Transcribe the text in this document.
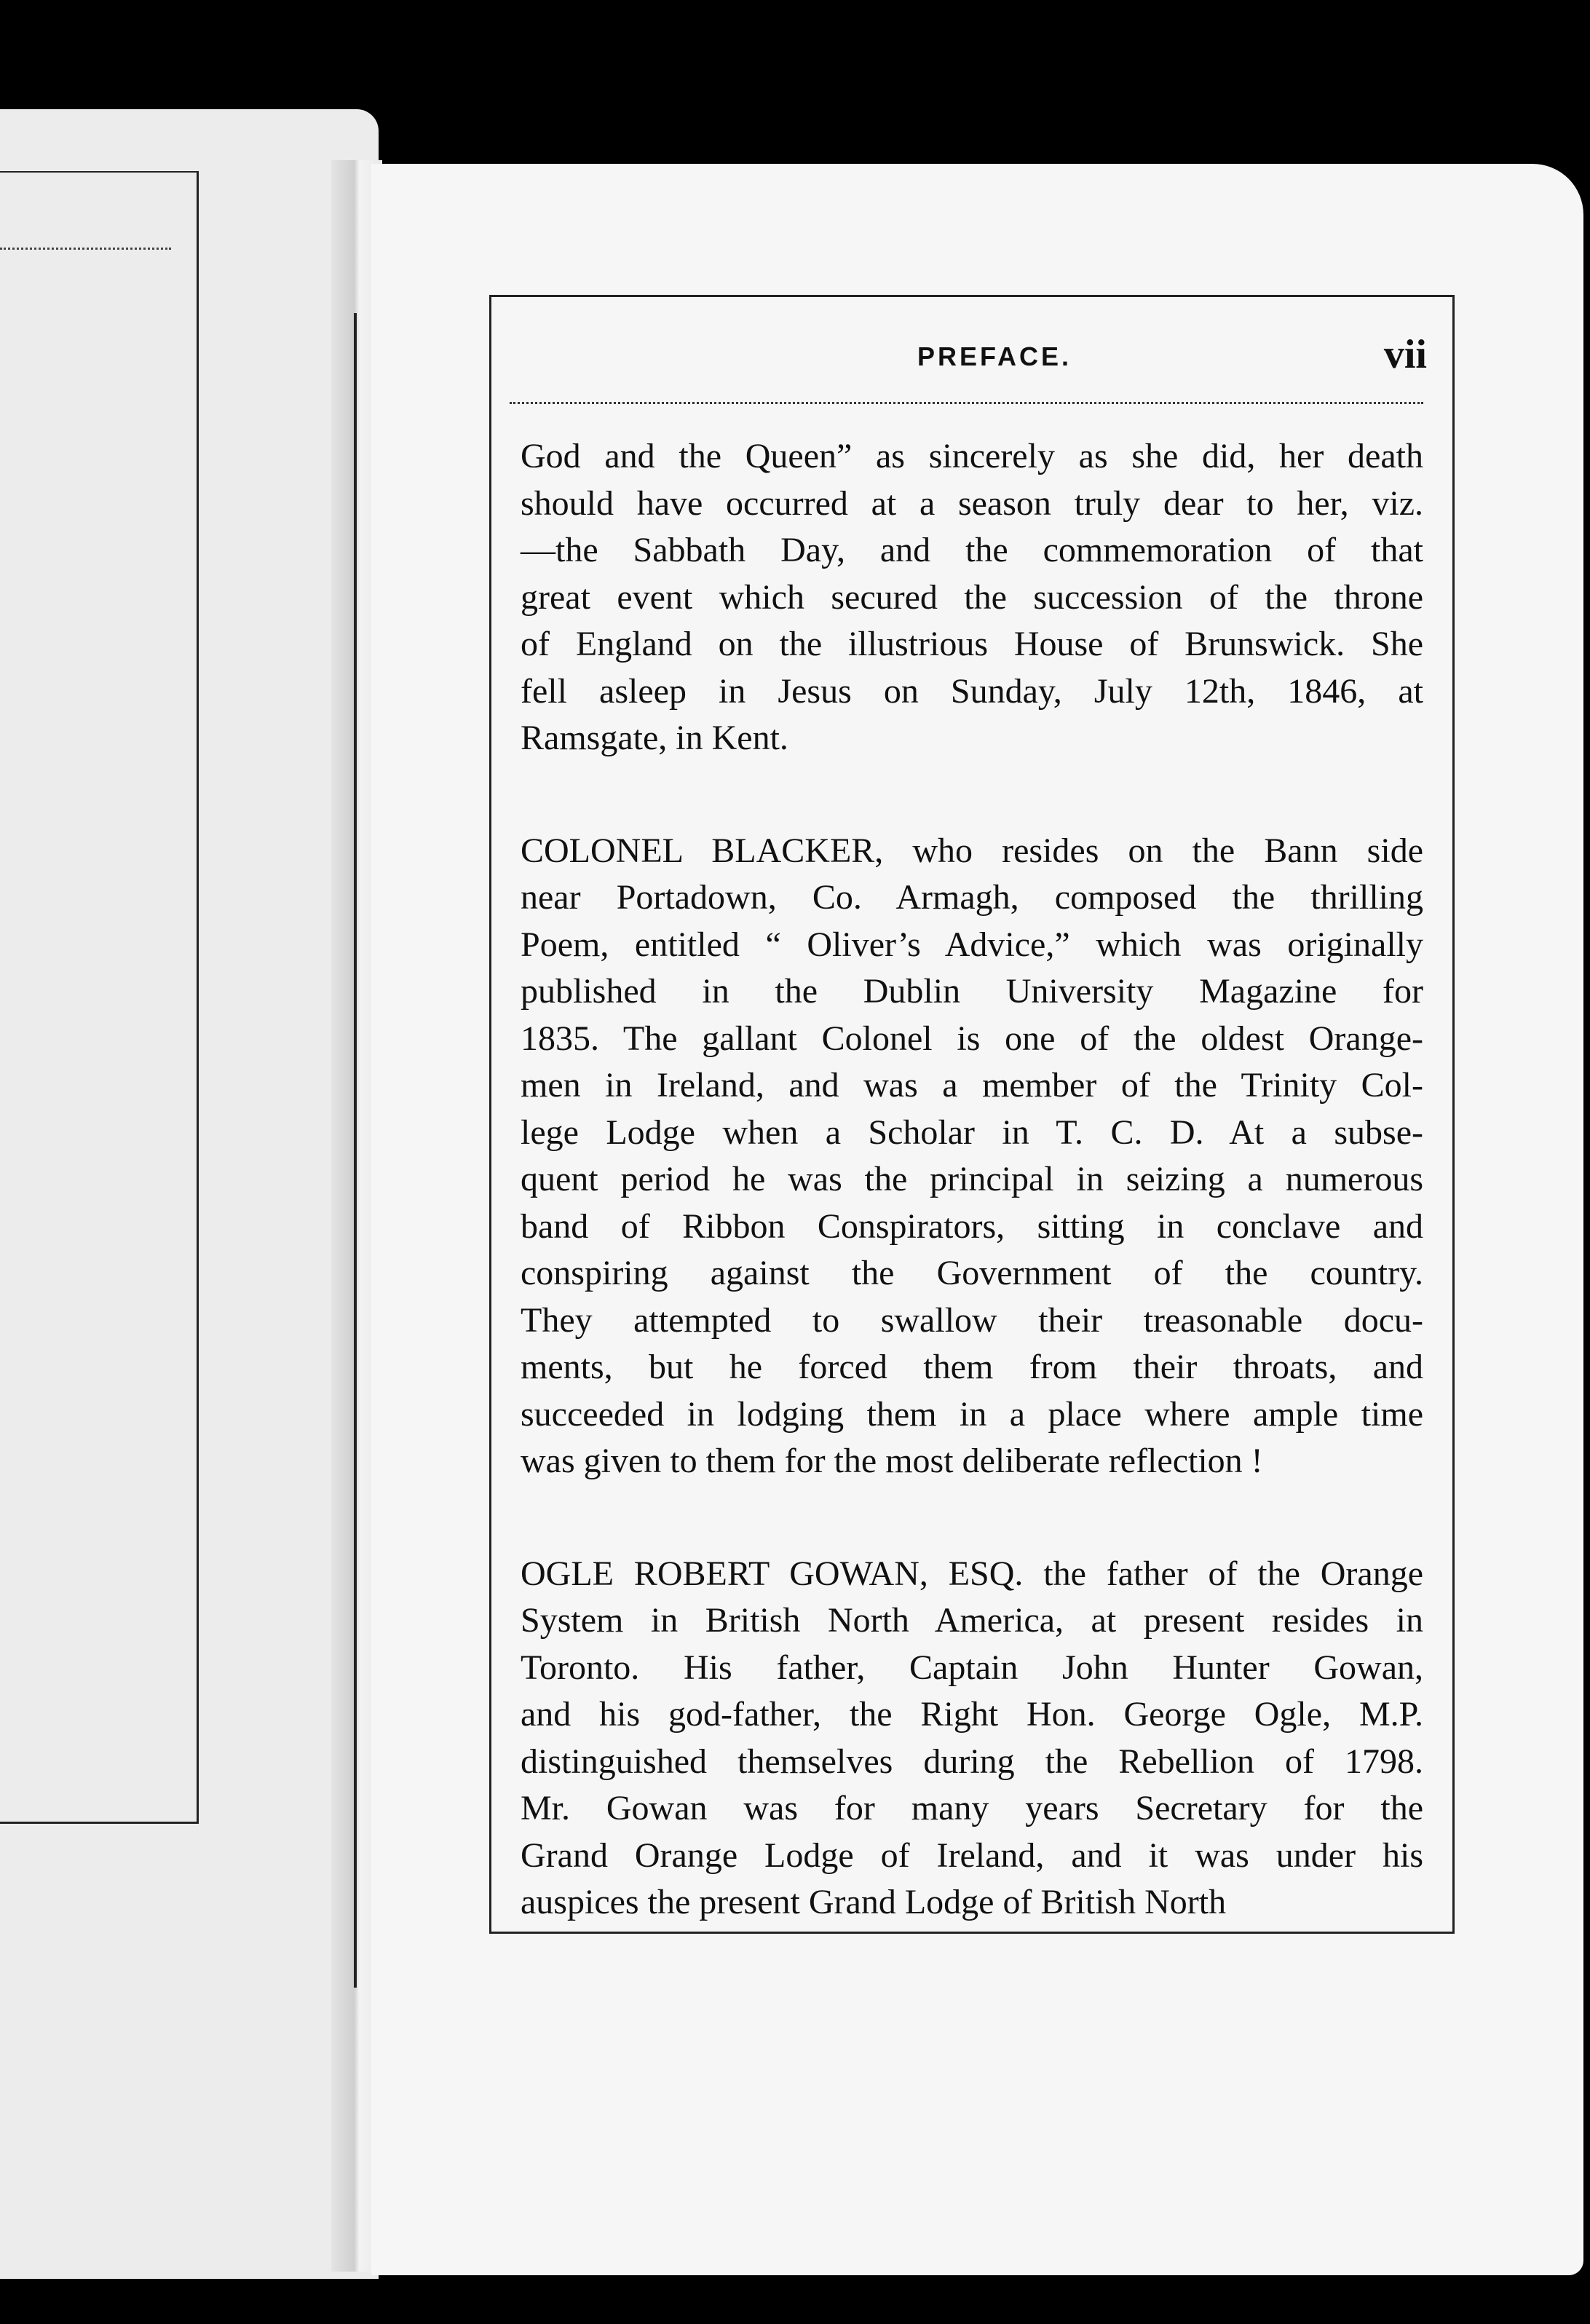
PREFACE.	vii
God and the Queen” as sincerely as she did, her death
should have occurred at a season truly dear to her, viz.
—the Sabbath Day, and the commemoration of that
great event which secured the succession of the throne
of England on the illustrious House of Brunswick. She
fell asleep in Jesus on Sunday, July 12th, 1846, at
Ramsgate, in Kent.
COLONEL BLACKER, who resides on the Bann side
near Portadown, Co. Armagh, composed the thrilling
Poem, entitled “ Oliver’s Advice,” which was originally
published in the Dublin University Magazine for
1835. The gallant Colonel is one of the oldest Orange-
men in Ireland, and was a member of the Trinity Col-
lege Lodge when a Scholar in T. C. D. At a subse-
quent period he was the principal in seizing a numerous
band of Ribbon Conspirators, sitting in conclave and
conspiring against the Government of the country.
They attempted to swallow their treasonable docu-
ments, but he forced them from their throats, and
succeeded in lodging them in a place where ample time
was given to them for the most deliberate reflection !
OGLE ROBERT GOWAN, ESQ. the father of the Orange
System in British North America, at present resides in
Toronto. His father, Captain John Hunter Gowan,
and his god-father, the Right Hon. George Ogle, M.P.
distinguished themselves during the Rebellion of 1798.
Mr. Gowan was for many years Secretary for the
Grand Orange Lodge of Ireland, and it was under his
auspices the present Grand Lodge of British North
